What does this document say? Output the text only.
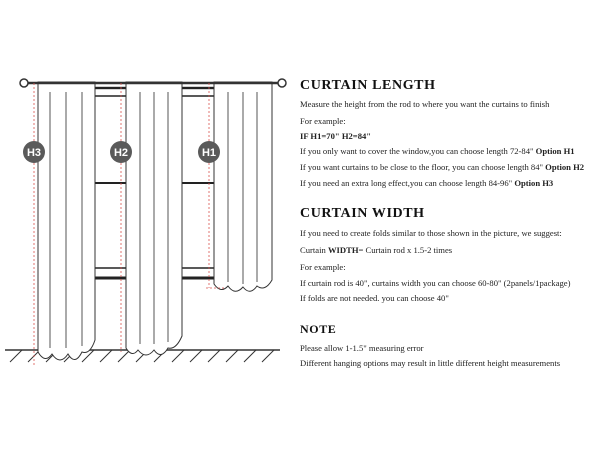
H3	H2	H1
CURTAIN LENGTH
Measure the height from the rod to where you want the curtains to finish
For example:
IF H1=70" H2=84"
If you only want to cover the window,you can choose length 72-84" Option H1
If you want curtains to be close to the floor, you can choose length 84" Option H2
If you need an extra long effect,you can choose length 84-96" Option H3
CURTAIN WIDTH
If you need to create folds similar to those shown in the picture, we suggest:
Curtain WIDTH= Curtain rod x 1.5-2 times
For example:
If curtain rod is 40", curtains width you can choose 60-80" (2panels/1package)
If folds are not needed. you can choose 40"
NOTE
Please allow 1-1.5" measuring error
Different hanging options may result in little different height measurements
